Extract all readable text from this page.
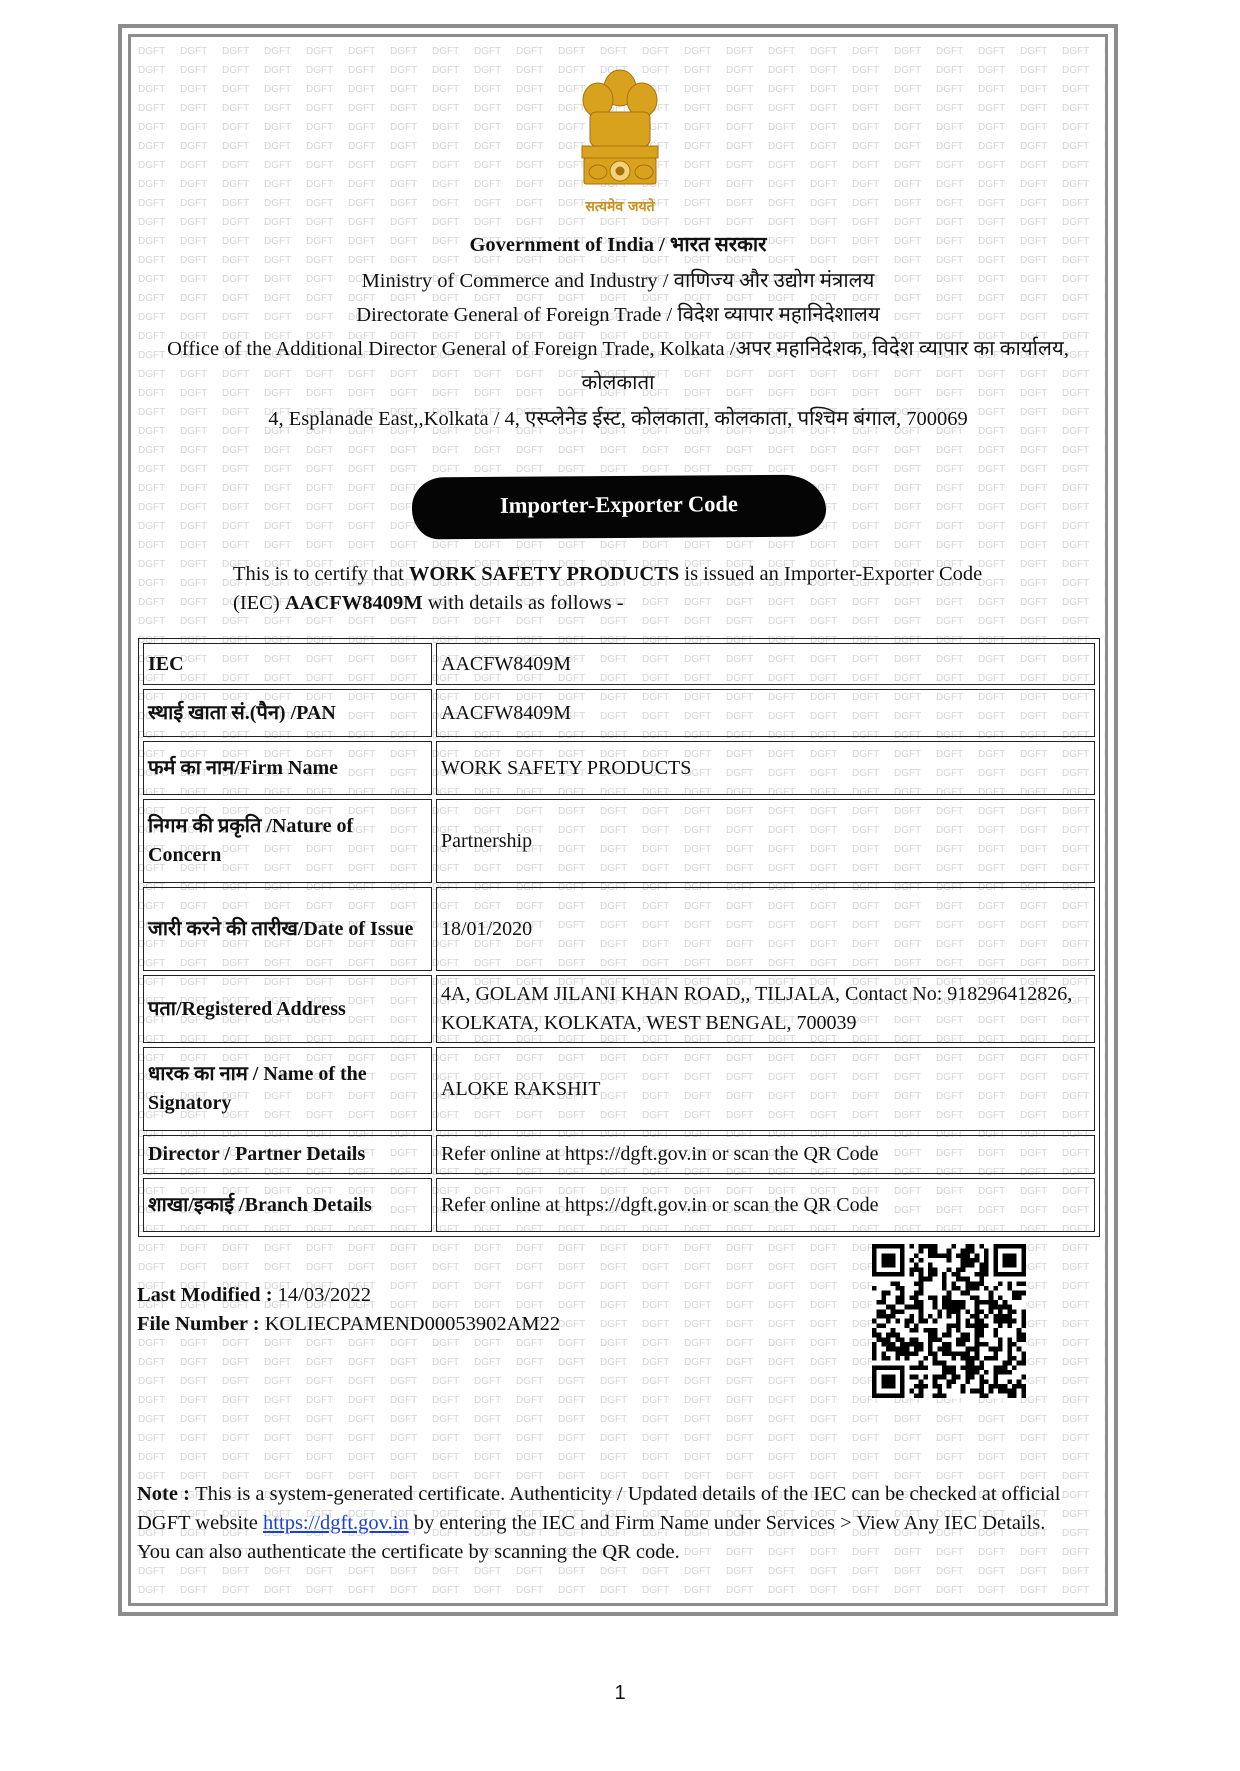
सत्यमेव जयते
Government of India / भारत सरकार
Ministry of Commerce and Industry / वाणिज्य और उद्योग मंत्रालय
Directorate General of Foreign Trade / विदेश व्यापार महानिदेशालय
Office of the Additional Director General of Foreign Trade, Kolkata /अपर महानिदेशक, विदेश व्यापार का कार्यालय,
कोलकाता
4, Esplanade East,,Kolkata / 4, एस्प्लेनेड ईस्ट, कोलकाता, कोलकाता, पश्चिम बंगाल, 700069
Importer-Exporter Code
This is to certify that WORK SAFETY PRODUCTS is issued an Importer-Exporter Code (IEC) AACFW8409M with details as follows -
IEC	AACFW8409M
स्थाई खाता सं.(पैन) /PAN	AACFW8409M
फर्म का नाम/Firm Name	WORK SAFETY PRODUCTS
निगम की प्रकृति /Nature of Concern	Partnership
जारी करने की तारीख/Date of Issue	18/01/2020
पता/Registered Address	4A, GOLAM JILANI KHAN ROAD,, TILJALA, Contact No: 918296412826, KOLKATA, KOLKATA, WEST BENGAL, 700039
धारक का नाम / Name of the Signatory	ALOKE RAKSHIT
Director / Partner Details	Refer online at https://dgft.gov.in or scan the QR Code
शाखा/इकाई /Branch Details	Refer online at https://dgft.gov.in or scan the QR Code
Last Modified : 14/03/2022
File Number : KOLIECPAMEND00053902AM22
Note : This is a system-generated certificate. Authenticity / Updated details of the IEC can be checked at official DGFT website https://dgft.gov.in by entering the IEC and Firm Name under Services > View Any IEC Details. You can also authenticate the certificate by scanning the QR code.
1
